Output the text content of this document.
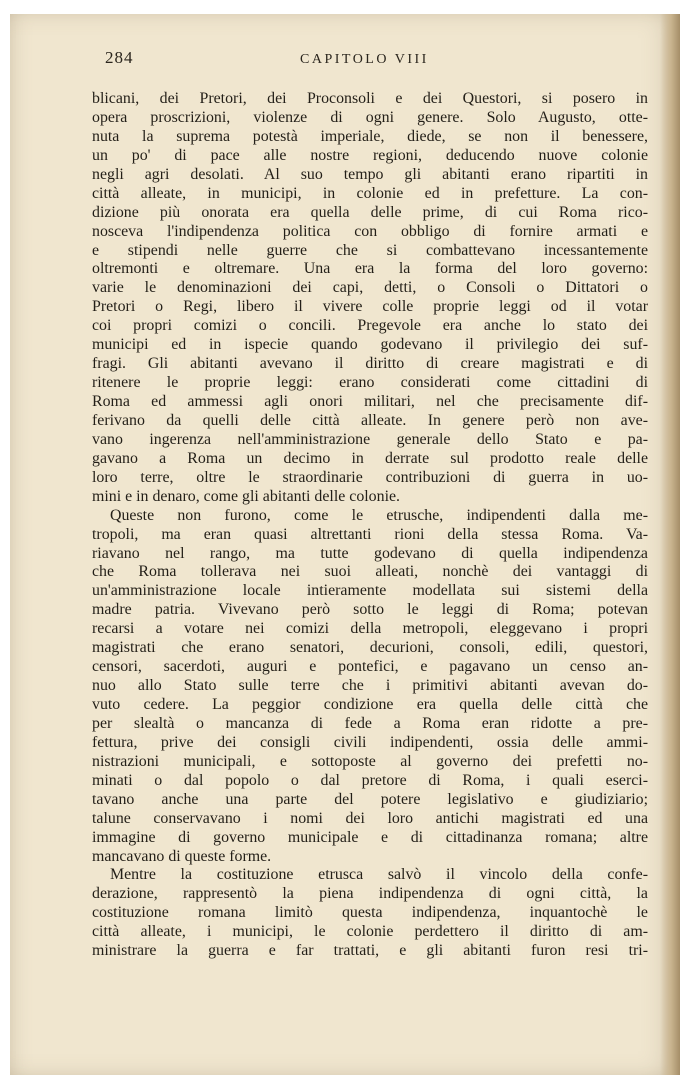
284	CAPITOLO VIII
blicani, dei Pretori, dei Proconsoli e dei Questori, si posero in
opera proscrizioni, violenze di ogni genere. Solo Augusto, otte-
nuta la suprema potestà imperiale, diede, se non il benessere,
un po' di pace alle nostre regioni, deducendo nuove colonie
negli agri desolati. Al suo tempo gli abitanti erano ripartiti in
città alleate, in municipi, in colonie ed in prefetture. La con-
dizione più onorata era quella delle prime, di cui Roma rico-
nosceva l'indipendenza politica con obbligo di fornire armati e
e stipendi nelle guerre che si combattevano incessantemente
oltremonti e oltremare. Una era la forma del loro governo:
varie le denominazioni dei capi, detti, o Consoli o Dittatori o
Pretori o Regi, libero il vivere colle proprie leggi od il votar
coi propri comizi o concili. Pregevole era anche lo stato dei
municipi ed in ispecie quando godevano il privilegio dei suf-
fragi. Gli abitanti avevano il diritto di creare magistrati e di
ritenere le proprie leggi: erano considerati come cittadini di
Roma ed ammessi agli onori militari, nel che precisamente dif-
ferivano da quelli delle città alleate. In genere però non ave-
vano ingerenza nell'amministrazione generale dello Stato e pa-
gavano a Roma un decimo in derrate sul prodotto reale delle
loro terre, oltre le straordinarie contribuzioni di guerra in uo-
mini e in denaro, come gli abitanti delle colonie.
Queste non furono, come le etrusche, indipendenti dalla me-
tropoli, ma eran quasi altrettanti rioni della stessa Roma. Va-
riavano nel rango, ma tutte godevano di quella indipendenza
che Roma tollerava nei suoi alleati, nonchè dei vantaggi di
un'amministrazione locale intieramente modellata sui sistemi della
madre patria. Vivevano però sotto le leggi di Roma; potevan
recarsi a votare nei comizi della metropoli, eleggevano i propri
magistrati che erano senatori, decurioni, consoli, edili, questori,
censori, sacerdoti, auguri e pontefici, e pagavano un censo an-
nuo allo Stato sulle terre che i primitivi abitanti avevan do-
vuto cedere. La peggior condizione era quella delle città che
per slealtà o mancanza di fede a Roma eran ridotte a pre-
fettura, prive dei consigli civili indipendenti, ossia delle ammi-
nistrazioni municipali, e sottoposte al governo dei prefetti no-
minati o dal popolo o dal pretore di Roma, i quali eserci-
tavano anche una parte del potere legislativo e giudiziario;
talune conservavano i nomi dei loro antichi magistrati ed una
immagine di governo municipale e di cittadinanza romana; altre
mancavano di queste forme.
Mentre la costituzione etrusca salvò il vincolo della confe-
derazione, rappresentò la piena indipendenza di ogni città, la
costituzione romana limitò questa indipendenza, inquantochè le
città alleate, i municipi, le colonie perdettero il diritto di am-
ministrare la guerra e far trattati, e gli abitanti furon resi tri-
